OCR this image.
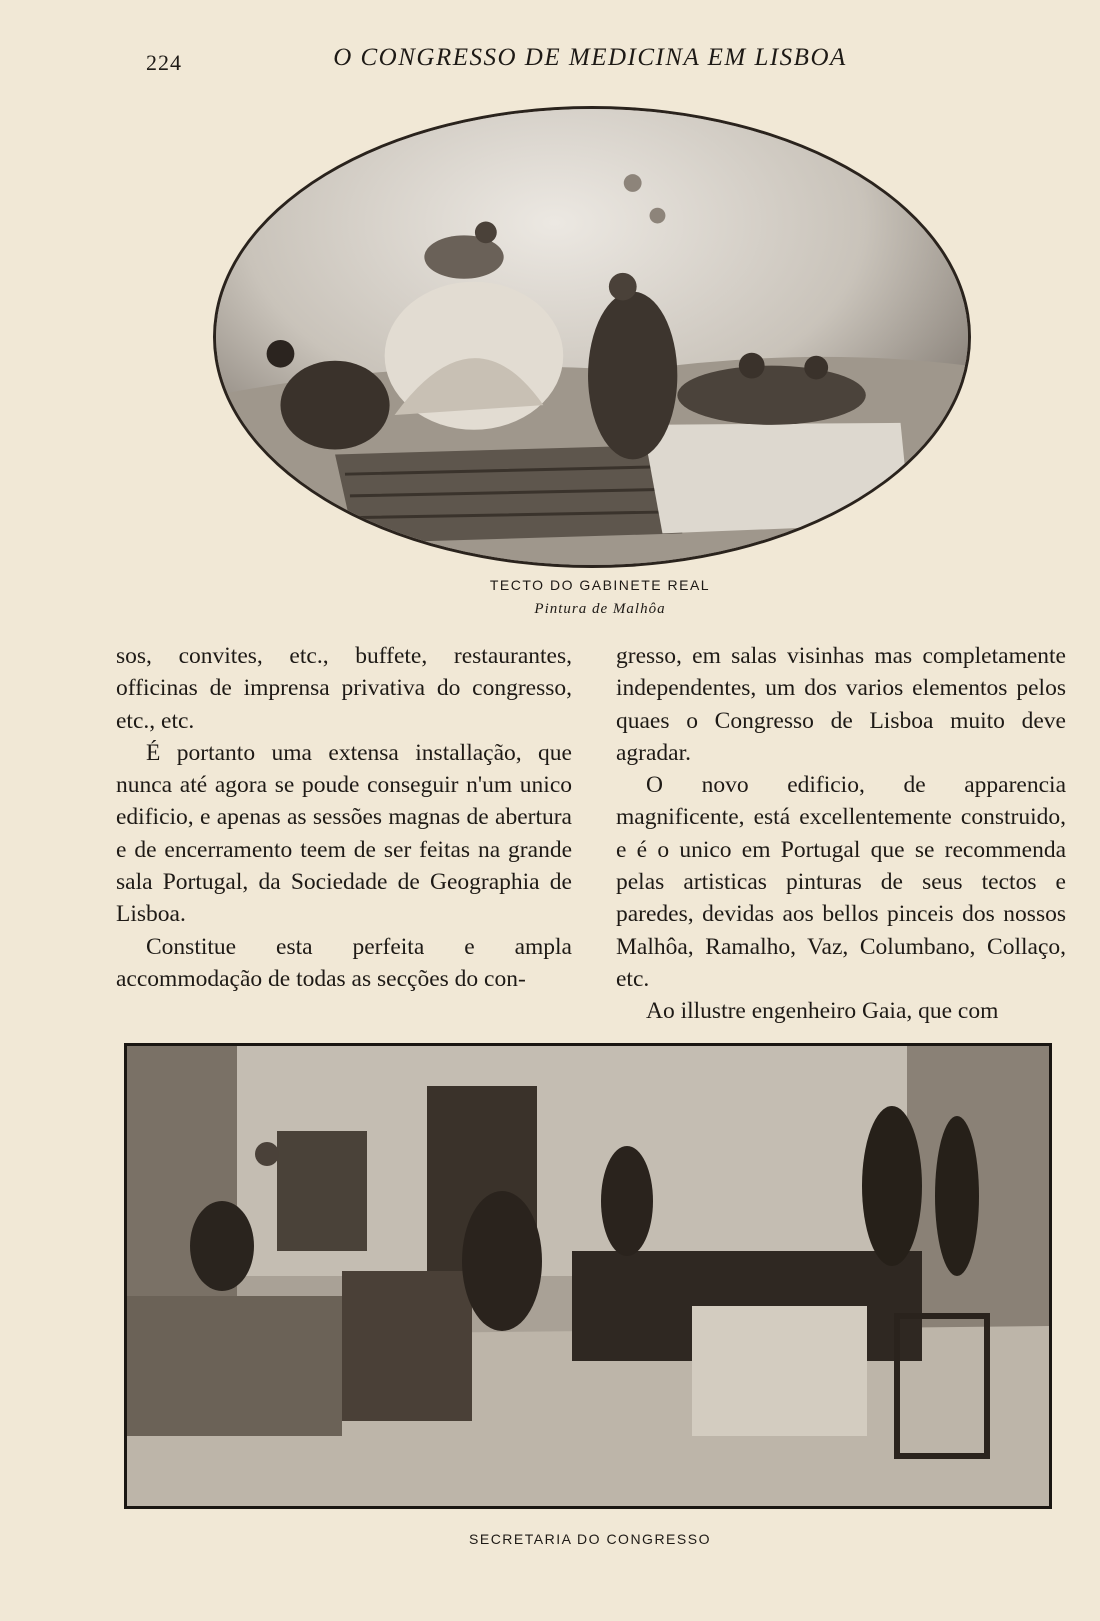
224	O CONGRESSO DE MEDICINA EM LISBOA
TECTO DO GABINETE REAL
Pintura de Malhôa

sos, convites, etc., buffete, restaurantes, officinas de imprensa privativa do congresso, etc., etc.

É portanto uma extensa installação, que nunca até agora se poude conseguir n'um unico edificio, e apenas as sessões magnas de abertura e de encerramento teem de ser feitas na grande sala Portugal, da Sociedade de Geographia de Lisboa.

Constitue esta perfeita e ampla accommodação de todas as secções do con-

gresso, em salas visinhas mas completamente independentes, um dos varios elementos pelos quaes o Congresso de Lisboa muito deve agradar.

O novo edificio, de apparencia magnificente, está excellentemente construido, e é o unico em Portugal que se recommenda pelas artisticas pinturas de seus tectos e paredes, devidas aos bellos pinceis dos nossos Malhôa, Ramalho, Vaz, Columbano, Collaço, etc.

Ao illustre engenheiro Gaia, que com

SECRETARIA DO CONGRESSO
